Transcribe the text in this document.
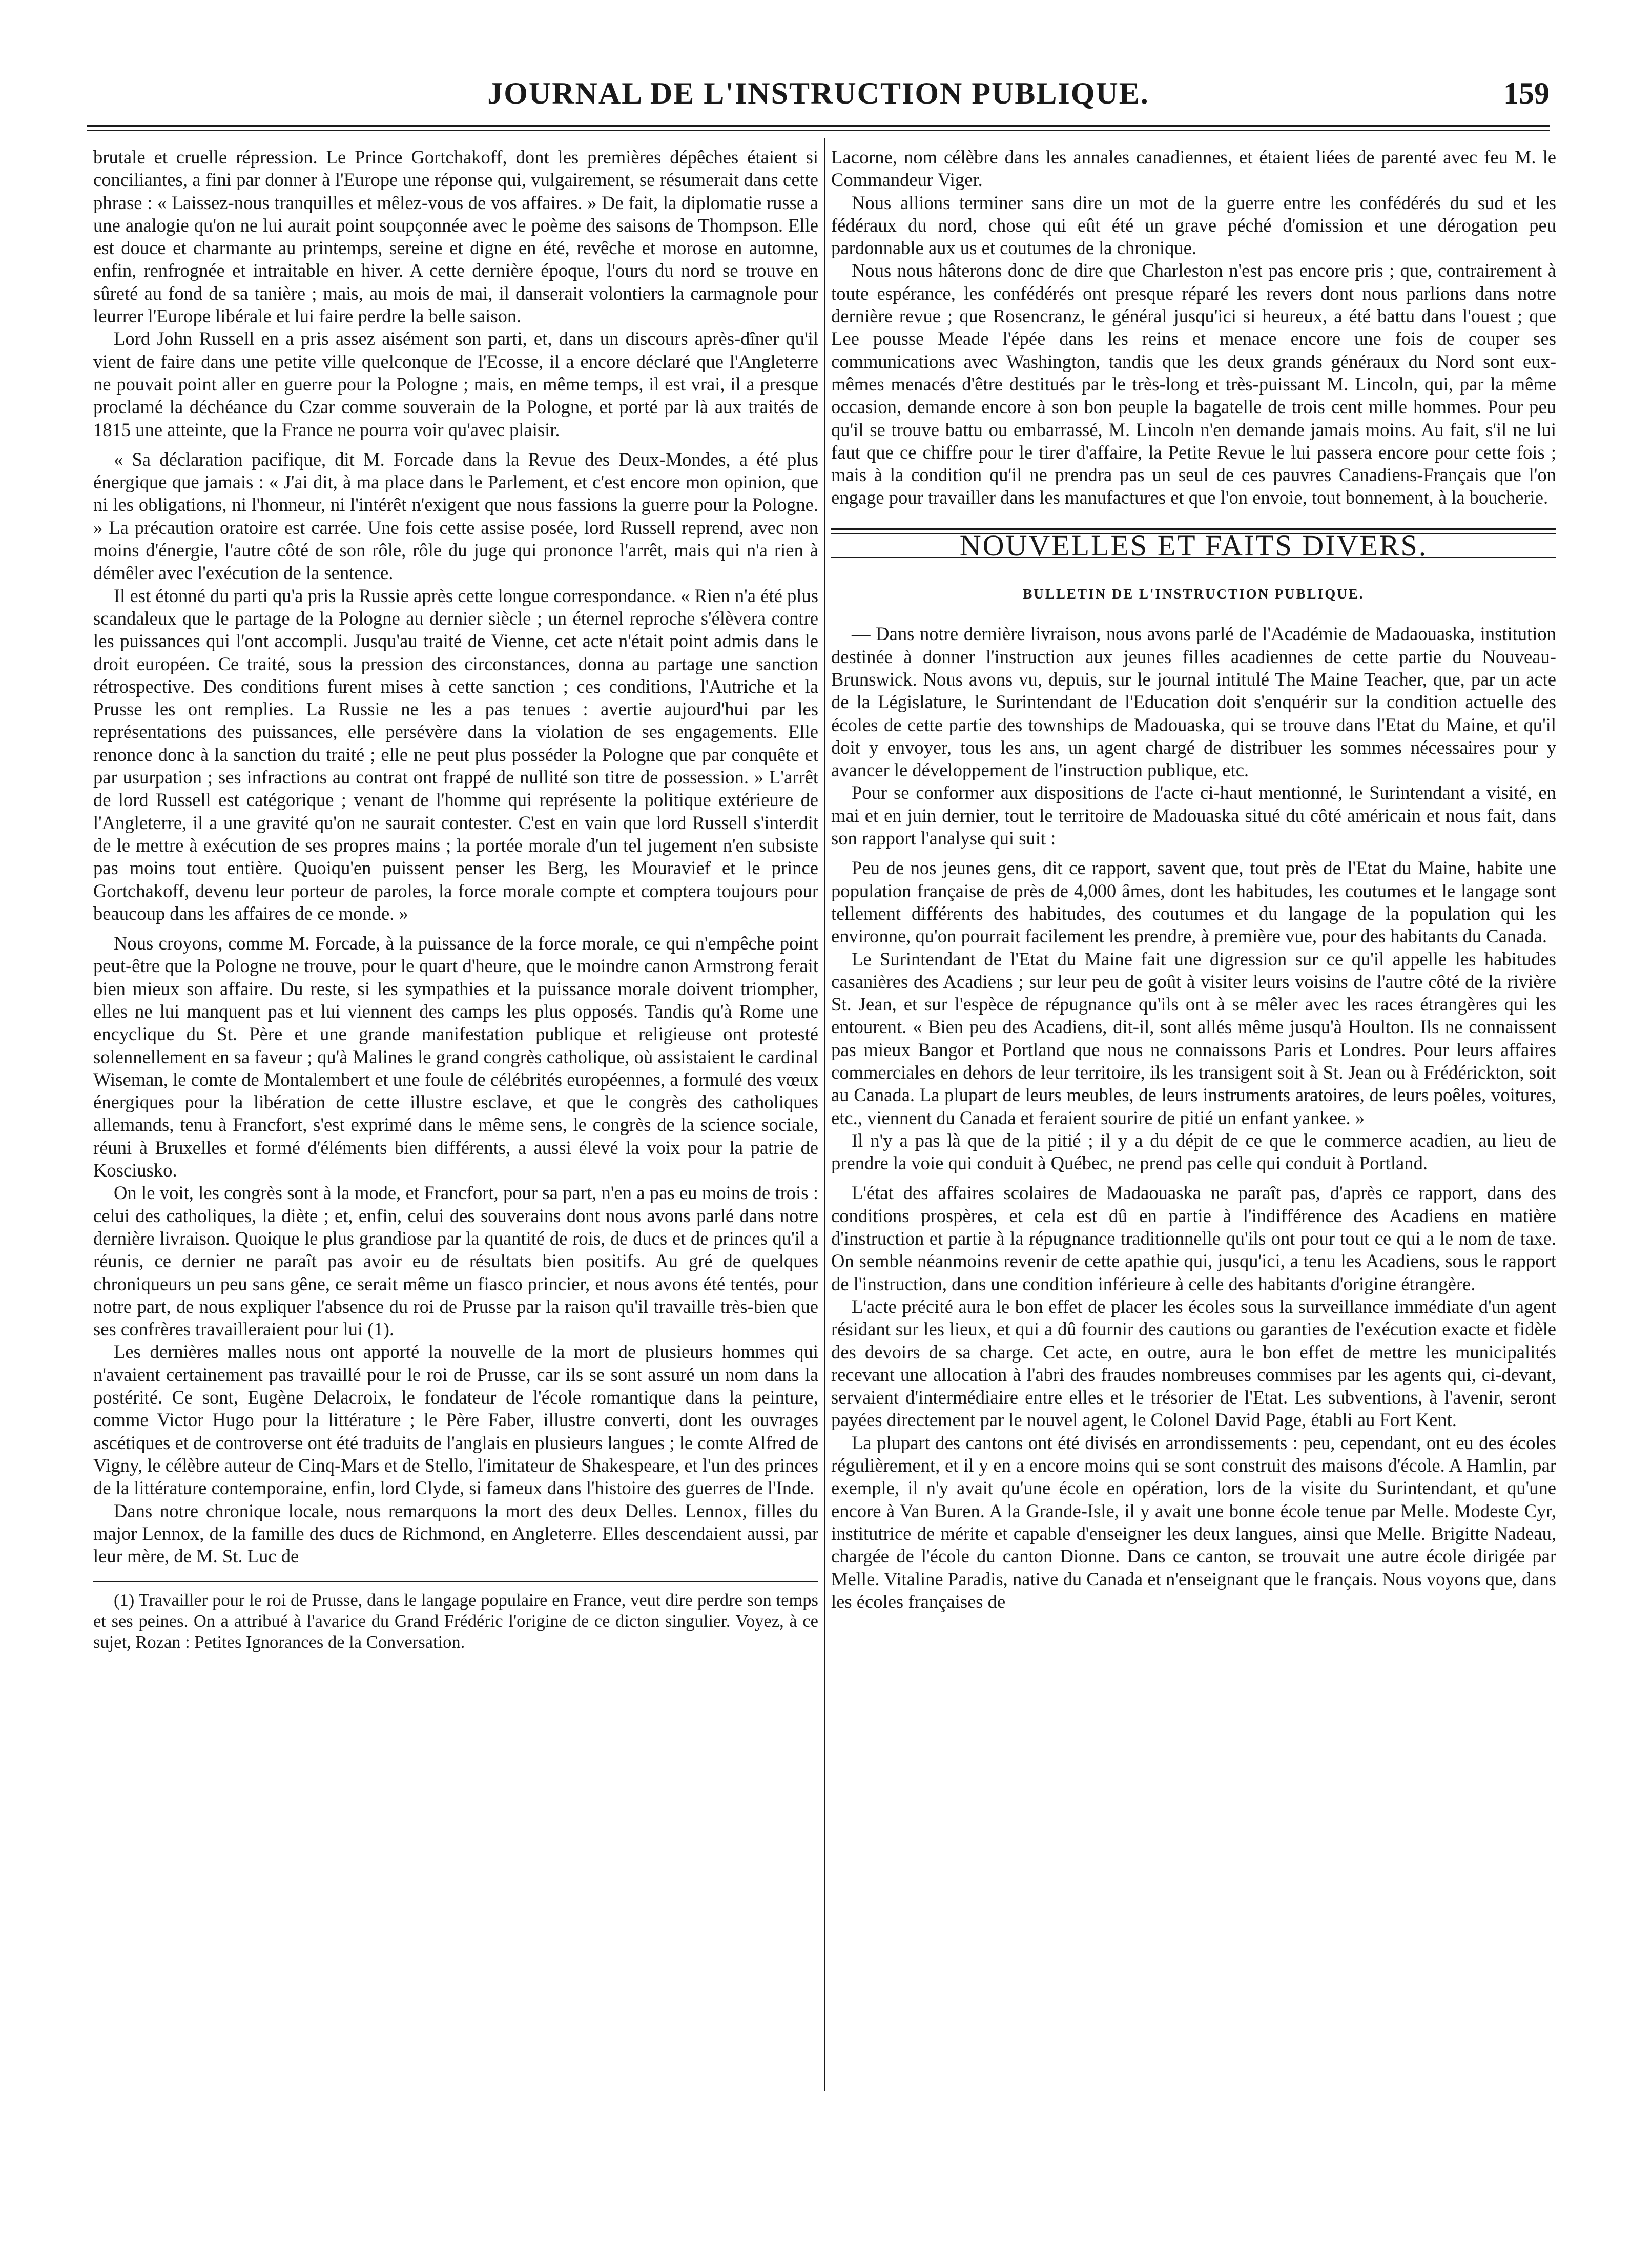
JOURNAL DE L'INSTRUCTION PUBLIQUE.	159

brutale et cruelle répression. Le Prince Gortchakoff, dont les premières dépêches étaient si conciliantes, a fini par donner à l'Europe une réponse qui, vulgairement, se résumerait dans cette phrase : « Laissez-nous tranquilles et mêlez-vous de vos affaires. » De fait, la diplomatie russe a une analogie qu'on ne lui aurait point soupçonnée avec le poème des saisons de Thompson. Elle est douce et charmante au printemps, sereine et digne en été, revêche et morose en automne, enfin, renfrognée et intraitable en hiver. A cette dernière époque, l'ours du nord se trouve en sûreté au fond de sa tanière ; mais, au mois de mai, il danserait volontiers la carmagnole pour leurrer l'Europe libérale et lui faire perdre la belle saison.

Lord John Russell en a pris assez aisément son parti, et, dans un discours après-dîner qu'il vient de faire dans une petite ville quelconque de l'Ecosse, il a encore déclaré que l'Angleterre ne pouvait point aller en guerre pour la Pologne ; mais, en même temps, il est vrai, il a presque proclamé la déchéance du Czar comme souverain de la Pologne, et porté par là aux traités de 1815 une atteinte, que la France ne pourra voir qu'avec plaisir.

« Sa déclaration pacifique, dit M. Forcade dans la Revue des Deux-Mondes, a été plus énergique que jamais : « J'ai dit, à ma place dans le Parlement, et c'est encore mon opinion, que ni les obligations, ni l'honneur, ni l'intérêt n'exigent que nous fassions la guerre pour la Pologne. » La précaution oratoire est carrée. Une fois cette assise posée, lord Russell reprend, avec non moins d'énergie, l'autre côté de son rôle, rôle du juge qui prononce l'arrêt, mais qui n'a rien à démêler avec l'exécution de la sentence.

Il est étonné du parti qu'a pris la Russie après cette longue correspondance. « Rien n'a été plus scandaleux que le partage de la Pologne au dernier siècle ; un éternel reproche s'élèvera contre les puissances qui l'ont accompli. Jusqu'au traité de Vienne, cet acte n'était point admis dans le droit européen. Ce traité, sous la pression des circonstances, donna au partage une sanction rétrospective. Des conditions furent mises à cette sanction ; ces conditions, l'Autriche et la Prusse les ont remplies. La Russie ne les a pas tenues : avertie aujourd'hui par les représentations des puissances, elle persévère dans la violation de ses engagements. Elle renonce donc à la sanction du traité ; elle ne peut plus posséder la Pologne que par conquête et par usurpation ; ses infractions au contrat ont frappé de nullité son titre de possession. » L'arrêt de lord Russell est catégorique ; venant de l'homme qui représente la politique extérieure de l'Angleterre, il a une gravité qu'on ne saurait contester. C'est en vain que lord Russell s'interdit de le mettre à exécution de ses propres mains ; la portée morale d'un tel jugement n'en subsiste pas moins tout entière. Quoiqu'en puissent penser les Berg, les Mouravief et le prince Gortchakoff, devenu leur porteur de paroles, la force morale compte et comptera toujours pour beaucoup dans les affaires de ce monde. »

Nous croyons, comme M. Forcade, à la puissance de la force morale, ce qui n'empêche point peut-être que la Pologne ne trouve, pour le quart d'heure, que le moindre canon Armstrong ferait bien mieux son affaire. Du reste, si les sympathies et la puissance morale doivent triompher, elles ne lui manquent pas et lui viennent des camps les plus opposés. Tandis qu'à Rome une encyclique du St. Père et une grande manifestation publique et religieuse ont protesté solennellement en sa faveur ; qu'à Malines le grand congrès catholique, où assistaient le cardinal Wiseman, le comte de Montalembert et une foule de célébrités européennes, a formulé des vœux énergiques pour la libération de cette illustre esclave, et que le congrès des catholiques allemands, tenu à Francfort, s'est exprimé dans le même sens, le congrès de la science sociale, réuni à Bruxelles et formé d'éléments bien différents, a aussi élevé la voix pour la patrie de Kosciusko.

On le voit, les congrès sont à la mode, et Francfort, pour sa part, n'en a pas eu moins de trois : celui des catholiques, la diète ; et, enfin, celui des souverains dont nous avons parlé dans notre dernière livraison. Quoique le plus grandiose par la quantité de rois, de ducs et de princes qu'il a réunis, ce dernier ne paraît pas avoir eu de résultats bien positifs. Au gré de quelques chroniqueurs un peu sans gêne, ce serait même un fiasco princier, et nous avons été tentés, pour notre part, de nous expliquer l'absence du roi de Prusse par la raison qu'il travaille très-bien que ses confrères travailleraient pour lui (1).

Les dernières malles nous ont apporté la nouvelle de la mort de plusieurs hommes qui n'avaient certainement pas travaillé pour le roi de Prusse, car ils se sont assuré un nom dans la postérité. Ce sont, Eugène Delacroix, le fondateur de l'école romantique dans la peinture, comme Victor Hugo pour la littérature ; le Père Faber, illustre converti, dont les ouvrages ascétiques et de controverse ont été traduits de l'anglais en plusieurs langues ; le comte Alfred de Vigny, le célèbre auteur de Cinq-Mars et de Stello, l'imitateur de Shakespeare, et l'un des princes de la littérature contemporaine, enfin, lord Clyde, si fameux dans l'histoire des guerres de l'Inde.

Dans notre chronique locale, nous remarquons la mort des deux Delles. Lennox, filles du major Lennox, de la famille des ducs de Richmond, en Angleterre. Elles descendaient aussi, par leur mère, de M. St. Luc de

(1) Travailler pour le roi de Prusse, dans le langage populaire en France, veut dire perdre son temps et ses peines. On a attribué à l'avarice du Grand Frédéric l'origine de ce dicton singulier. Voyez, à ce sujet, Rozan : Petites Ignorances de la Conversation.

Lacorne, nom célèbre dans les annales canadiennes, et étaient liées de parenté avec feu M. le Commandeur Viger.

Nous allions terminer sans dire un mot de la guerre entre les confédérés du sud et les fédéraux du nord, chose qui eût été un grave péché d'omission et une dérogation peu pardonnable aux us et coutumes de la chronique.

Nous nous hâterons donc de dire que Charleston n'est pas encore pris ; que, contrairement à toute espérance, les confédérés ont presque réparé les revers dont nous parlions dans notre dernière revue ; que Rosencranz, le général jusqu'ici si heureux, a été battu dans l'ouest ; que Lee pousse Meade l'épée dans les reins et menace encore une fois de couper ses communications avec Washington, tandis que les deux grands généraux du Nord sont eux-mêmes menacés d'être destitués par le très-long et très-puissant M. Lincoln, qui, par la même occasion, demande encore à son bon peuple la bagatelle de trois cent mille hommes. Pour peu qu'il se trouve battu ou embarrassé, M. Lincoln n'en demande jamais moins. Au fait, s'il ne lui faut que ce chiffre pour le tirer d'affaire, la Petite Revue le lui passera encore pour cette fois ; mais à la condition qu'il ne prendra pas un seul de ces pauvres Canadiens-Français que l'on engage pour travailler dans les manufactures et que l'on envoie, tout bonnement, à la boucherie.

NOUVELLES ET FAITS DIVERS.

BULLETIN DE L'INSTRUCTION PUBLIQUE.

— Dans notre dernière livraison, nous avons parlé de l'Académie de Madaouaska, institution destinée à donner l'instruction aux jeunes filles acadiennes de cette partie du Nouveau-Brunswick. Nous avons vu, depuis, sur le journal intitulé The Maine Teacher, que, par un acte de la Législature, le Surintendant de l'Education doit s'enquérir sur la condition actuelle des écoles de cette partie des townships de Madouaska, qui se trouve dans l'Etat du Maine, et qu'il doit y envoyer, tous les ans, un agent chargé de distribuer les sommes nécessaires pour y avancer le développement de l'instruction publique, etc.

Pour se conformer aux dispositions de l'acte ci-haut mentionné, le Surintendant a visité, en mai et en juin dernier, tout le territoire de Madouaska situé du côté américain et nous fait, dans son rapport l'analyse qui suit :

Peu de nos jeunes gens, dit ce rapport, savent que, tout près de l'Etat du Maine, habite une population française de près de 4,000 âmes, dont les habitudes, les coutumes et le langage sont tellement différents des habitudes, des coutumes et du langage de la population qui les environne, qu'on pourrait facilement les prendre, à première vue, pour des habitants du Canada.

Le Surintendant de l'Etat du Maine fait une digression sur ce qu'il appelle les habitudes casanières des Acadiens ; sur leur peu de goût à visiter leurs voisins de l'autre côté de la rivière St. Jean, et sur l'espèce de répugnance qu'ils ont à se mêler avec les races étrangères qui les entourent. « Bien peu des Acadiens, dit-il, sont allés même jusqu'à Houlton. Ils ne connaissent pas mieux Bangor et Portland que nous ne connaissons Paris et Londres. Pour leurs affaires commerciales en dehors de leur territoire, ils les transigent soit à St. Jean ou à Frédérickton, soit au Canada. La plupart de leurs meubles, de leurs instruments aratoires, de leurs poêles, voitures, etc., viennent du Canada et feraient sourire de pitié un enfant yankee. »

Il n'y a pas là que de la pitié ; il y a du dépit de ce que le commerce acadien, au lieu de prendre la voie qui conduit à Québec, ne prend pas celle qui conduit à Portland.

L'état des affaires scolaires de Madaouaska ne paraît pas, d'après ce rapport, dans des conditions prospères, et cela est dû en partie à l'indifférence des Acadiens en matière d'instruction et partie à la répugnance traditionnelle qu'ils ont pour tout ce qui a le nom de taxe. On semble néanmoins revenir de cette apathie qui, jusqu'ici, a tenu les Acadiens, sous le rapport de l'instruction, dans une condition inférieure à celle des habitants d'origine étrangère.

L'acte précité aura le bon effet de placer les écoles sous la surveillance immédiate d'un agent résidant sur les lieux, et qui a dû fournir des cautions ou garanties de l'exécution exacte et fidèle des devoirs de sa charge. Cet acte, en outre, aura le bon effet de mettre les municipalités recevant une allocation à l'abri des fraudes nombreuses commises par les agents qui, ci-devant, servaient d'intermédiaire entre elles et le trésorier de l'Etat. Les subventions, à l'avenir, seront payées directement par le nouvel agent, le Colonel David Page, établi au Fort Kent.

La plupart des cantons ont été divisés en arrondissements : peu, cependant, ont eu des écoles régulièrement, et il y en a encore moins qui se sont construit des maisons d'école. A Hamlin, par exemple, il n'y avait qu'une école en opération, lors de la visite du Surintendant, et qu'une encore à Van Buren. A la Grande-Isle, il y avait une bonne école tenue par Melle. Modeste Cyr, institutrice de mérite et capable d'enseigner les deux langues, ainsi que Melle. Brigitte Nadeau, chargée de l'école du canton Dionne. Dans ce canton, se trouvait une autre école dirigée par Melle. Vitaline Paradis, native du Canada et n'enseignant que le français. Nous voyons que, dans les écoles françaises de
